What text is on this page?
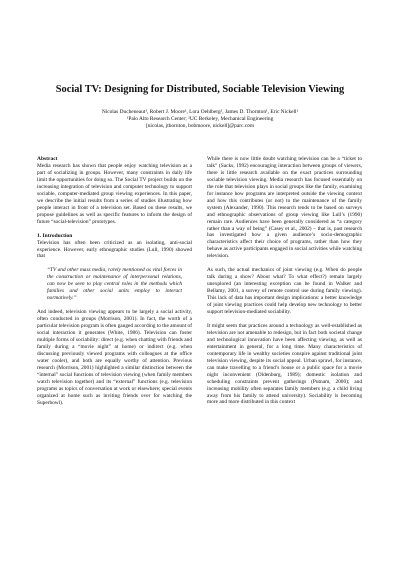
Social TV: Designing for Distributed, Sociable Television Viewing
Nicolas Ducheneaut¹, Robert J. Moore¹, Lora Oehlberg², James D. Thornton¹, Eric Nickell¹
¹Palo Alto Research Center; ²UC Berkeley, Mechanical Engineering
[nicolas, jthornton, bobmoore, nickell]@parc.com
Abstract

Media research has shown that people enjoy watching television as a part of socializing in groups. However, many constraints in daily life limit the opportunities for doing so. The Social TV project builds on the increasing integration of television and computer technology to support sociable, computer-mediated group viewing experiences. In this paper, we describe the initial results from a series of studies illustrating how people interact in front of a television set. Based on these results, we propose guidelines as well as specific features to inform the design of future “social-television” prototypes.

1. Introduction

Television has often been criticized as an isolating, anti-social experience. However, early ethnographic studies (Lull, 1990) showed that

“TV and other mass media, rarely mentioned as vital forces in the construction or maintenance of interpersonal relations, can now be seen to play central roles in the methods which families and other social units employ to interact normatively.”

And indeed, television viewing appears to be largely a social activity, often conducted in groups (Morrison, 2001). In fact, the worth of a particular television program is often gauged according to the amount of social interaction it generates (White, 1986). Television can foster multiple forms of sociability: direct (e.g. when chatting with friends and family during a “movie night” at home) or indirect (e.g. when discussing previously viewed programs with colleagues at the office water cooler), and both are equally worthy of attention. Previous research (Morrison, 2001) highlighted a similar distinction between the “internal” social functions of television viewing (when family members watch television together) and its “external” functions (e.g. television programs as topics of conversation at work or elsewhere; special events organized at home such as inviting friends over for watching the Superbowl).

While there is now little doubt watching television can be a “ticket to talk” (Sacks, 1992) encouraging interaction between groups of viewers, there is little research available on the exact practices surrounding sociable television viewing. Media research has focused essentially on the role that television plays in social groups like the family, examining for instance how programs are interpreted outside the viewing context and how this contributes (or not) to the maintenance of the family system (Alexander, 1990). This research tends to be based on surveys and ethnographic observations of group viewing like Lull’s (1990) remain rare. Audiences have been generally considered as “a category rather than a way of being” (Casey et al., 2002) – that is, past research has investigated how a given audience’s socio-demographic characteristics affect their choice of programs, rather than how they behave as active participants engaged in social activities while watching television.

As such, the actual mechanics of joint viewing (e.g. When do people talk during a show? About what? To what effect?) remain largely unexplored (an interesting exception can be found in Walker and Bellamy, 2001, a survey of remote control use during family viewing). This lack of data has important design implications: a better knowledge of joint viewing practices could help develop new technology to better support television-mediated sociability.

It might seem that practices around a technology as well-established as television are not amenable to redesign, but in fact both societal change and technological innovation have been affecting viewing, as well as entertainment in general, for a long time. Many characteristics of contemporary life in wealthy societies conspire against traditional joint television viewing, despite its social appeal. Urban sprawl, for instance, can make travelling to a friend’s house or a public space for a movie night inconvenient (Oldenburg, 1989); domestic isolation and scheduling constraints prevent gatherings (Putnam, 2000); and increasing mobility often separates family members (e.g. a child living away from his family to attend university). Sociability is becoming more and more distributed in this context
